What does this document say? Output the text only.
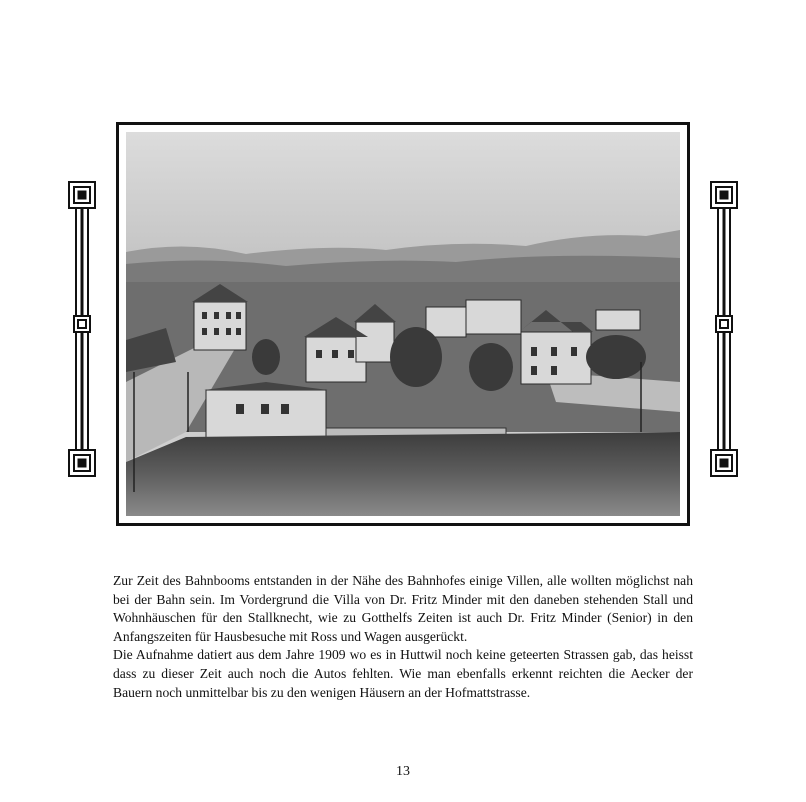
Zur Zeit des Bahnbooms entstanden in der Nähe des Bahnhofes einige Villen, alle wollten möglichst nah bei der Bahn sein. Im Vordergrund die Villa von Dr. Fritz Minder mit den daneben stehenden Stall und Wohnhäuschen für den Stallknecht, wie zu Gotthelfs Zeiten ist auch Dr. Fritz Minder (Senior) in den Anfangszeiten für Hausbesuche mit Ross und Wagen ausgerückt.

Die Aufnahme datiert aus dem Jahre 1909 wo es in Huttwil noch keine geteerten Strassen gab, das heisst dass zu dieser Zeit auch noch die Autos fehlten. Wie man ebenfalls erkennt reichten die Aecker der Bauern noch unmittelbar bis zu den wenigen Häusern an der Hofmattstrasse.

13
